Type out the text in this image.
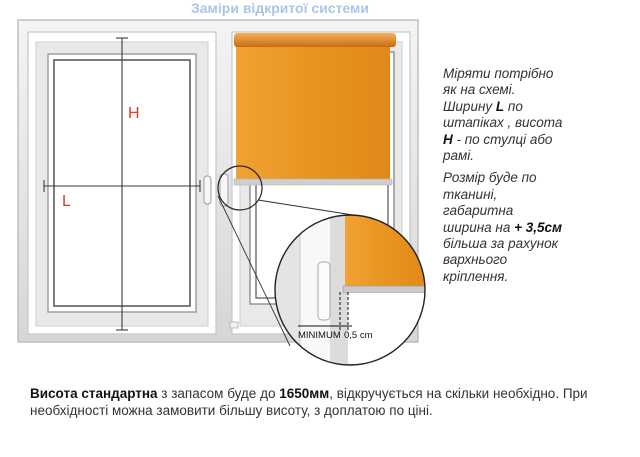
Заміри відкритої системи
H
L
MINIMUM 0,5 cm

Міряти потрібно як на схемі. Ширину L по штапіках , висота H - по стулці або рамі.

Розмір буде по тканині, габаритна ширина на + 3,5см більша за рахунок вархнього кріплення.

Висота стандартна з запасом буде до 1650мм, відкручується на скільки необхідно. При необхідності можна замовити більшу висоту, з доплатою по ціні.
